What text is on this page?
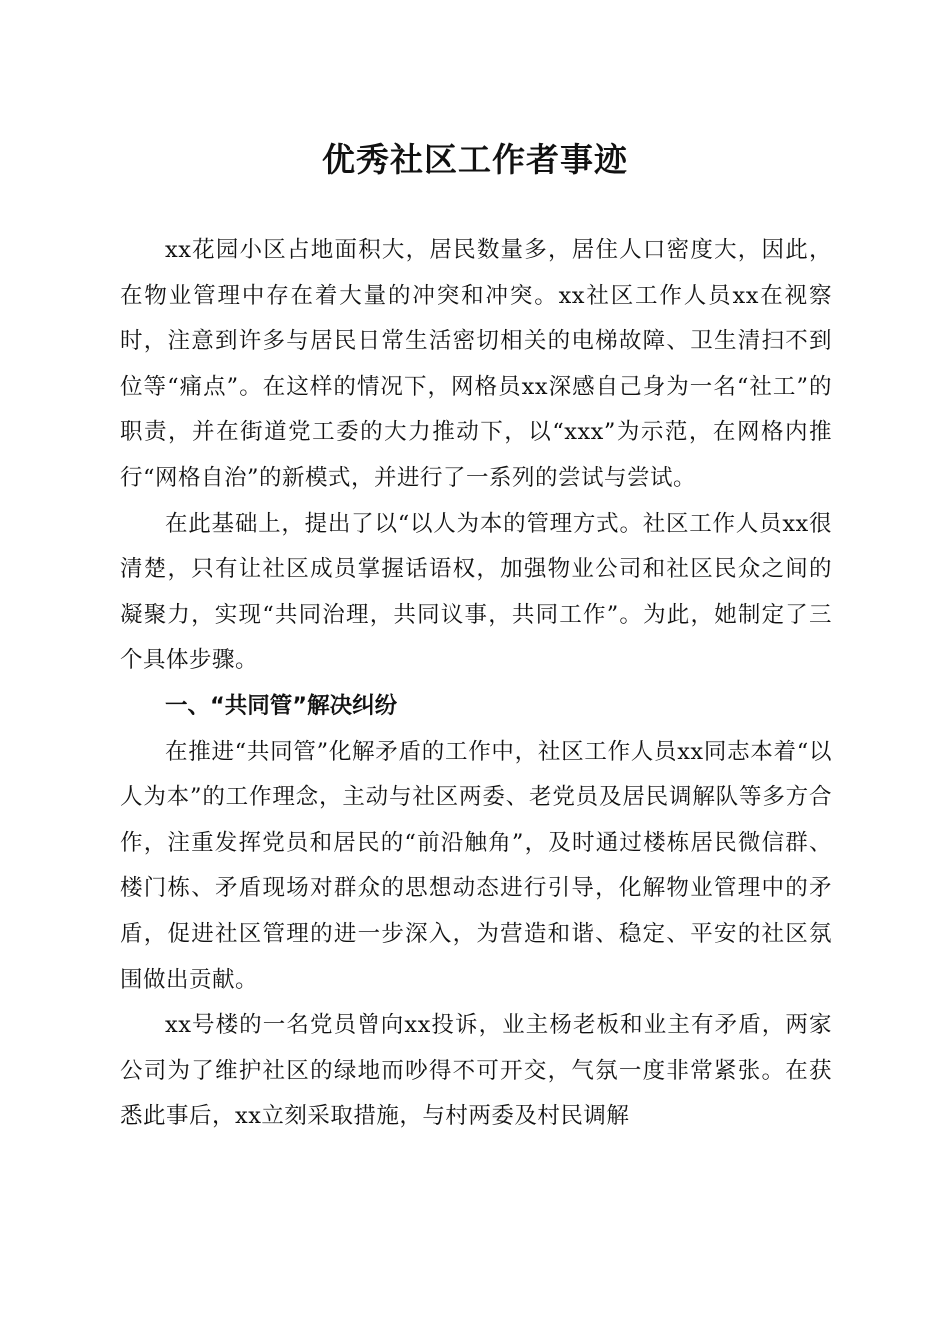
优秀社区工作者事迹

xx花园小区占地面积大，居民数量多，居住人口密度大，因此，在物业管理中存在着大量的冲突和冲突。xx社区工作人员xx在视察时，注意到许多与居民日常生活密切相关的电梯故障、卫生清扫不到位等“痛点”。在这样的情况下，网格员xx深感自己身为一名“社工”的职责，并在街道党工委的大力推动下，以“xxx”为示范，在网格内推行“网格自治”的新模式，并进行了一系列的尝试与尝试。

在此基础上，提出了以“以人为本的管理方式。社区工作人员xx很清楚，只有让社区成员掌握话语权，加强物业公司和社区民众之间的凝聚力，实现“共同治理，共同议事，共同工作”。为此，她制定了三个具体步骤。

一、“共同管”解决纠纷

在推进“共同管”化解矛盾的工作中，社区工作人员xx同志本着“以人为本”的工作理念，主动与社区两委、老党员及居民调解队等多方合作，注重发挥党员和居民的“前沿触角”，及时通过楼栋居民微信群、楼门栋、矛盾现场对群众的思想动态进行引导，化解物业管理中的矛盾，促进社区管理的进一步深入，为营造和谐、稳定、平安的社区氛围做出贡献。

xx号楼的一名党员曾向xx投诉，业主杨老板和业主有矛盾，两家公司为了维护社区的绿地而吵得不可开交，气氛一度非常紧张。在获悉此事后，xx立刻采取措施，与村两委及村民调解
